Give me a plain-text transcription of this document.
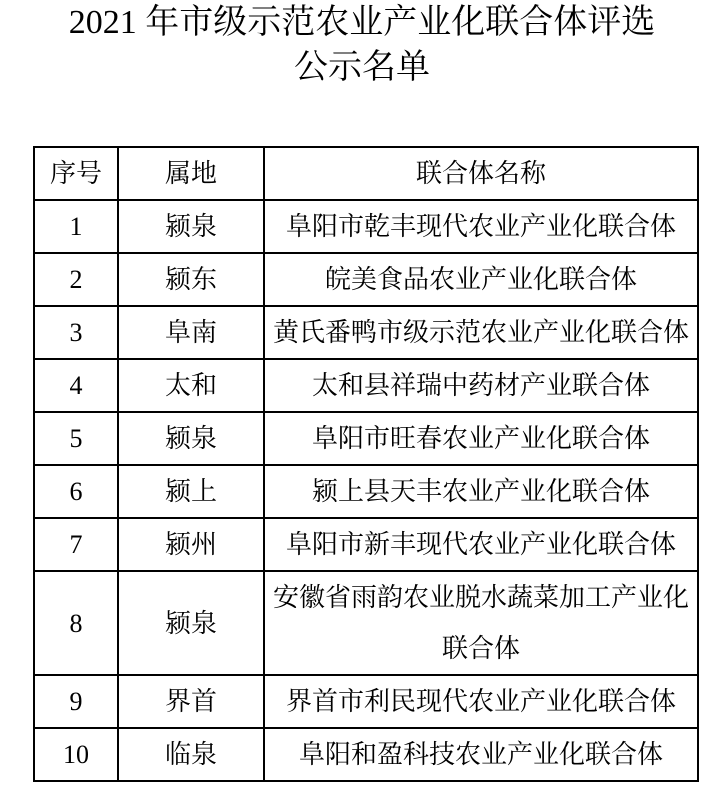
2021 年市级示范农业产业化联合体评选
公示名单
序号	属地	联合体名称
1	颍泉	阜阳市乾丰现代农业产业化联合体
2	颍东	皖美食品农业产业化联合体
3	阜南	黄氏番鸭市级示范农业产业化联合体
4	太和	太和县祥瑞中药材产业联合体
5	颍泉	阜阳市旺春农业产业化联合体
6	颍上	颍上县天丰农业产业化联合体
7	颍州	阜阳市新丰现代农业产业化联合体
8	颍泉	安徽省雨韵农业脱水蔬菜加工产业化联合体
9	界首	界首市利民现代农业产业化联合体
10	临泉	阜阳和盈科技农业产业化联合体
